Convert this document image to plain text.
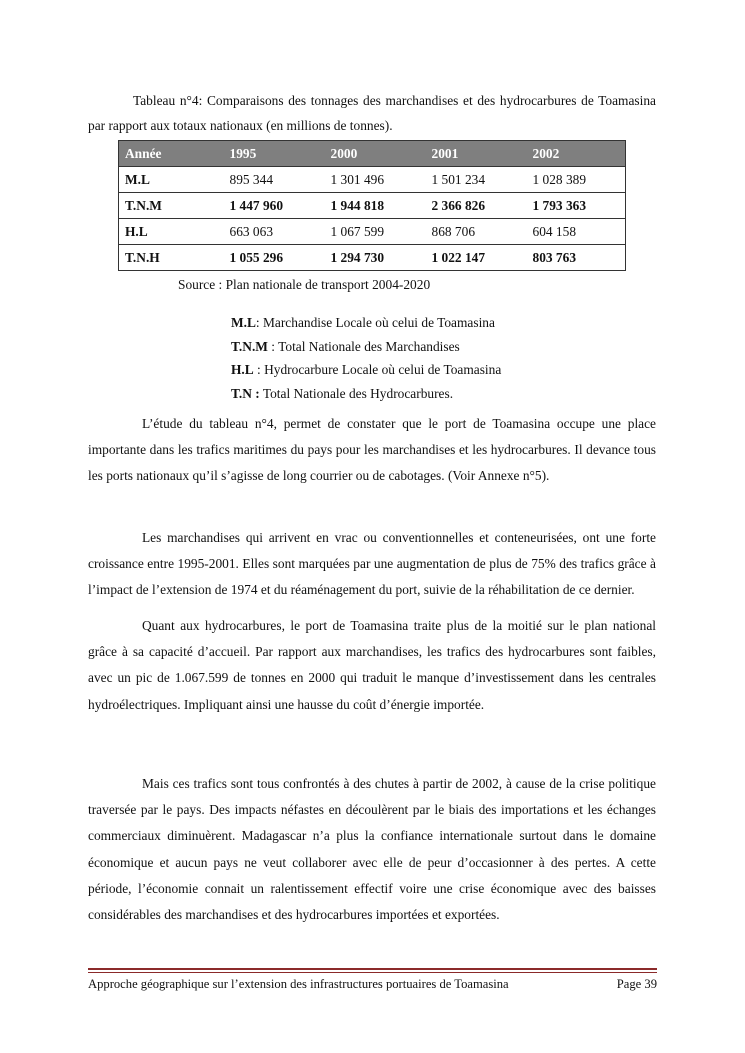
Tableau n°4: Comparaisons des tonnages des marchandises et des hydrocarbures de Toamasina par rapport aux totaux nationaux (en millions de tonnes).

Année	1995	2000	2001	2002
M.L	895 344	1 301 496	1 501 234	1 028 389
T.N.M	1 447 960	1 944 818	2 366 826	1 793 363
H.L	663 063	1 067 599	868 706	604 158
T.N.H	1 055 296	1 294 730	1 022 147	803 763
Source : Plan nationale de transport 2004-2020
M.L: Marchandise Locale où celui de Toamasina
T.N.M : Total Nationale des Marchandises
H.L : Hydrocarbure Locale où celui de Toamasina
T.N : Total Nationale des Hydrocarbures.

L’étude du tableau n°4, permet de constater que le port de Toamasina occupe une place importante dans les trafics maritimes du pays pour les marchandises et les hydrocarbures. Il devance tous les ports nationaux qu’il s’agisse de long courrier ou de cabotages. (Voir Annexe n°5).

Les marchandises qui arrivent en vrac ou conventionnelles et conteneurisées, ont une forte croissance entre 1995-2001. Elles sont marquées par une augmentation de plus de 75% des trafics grâce à l’impact de l’extension de 1974 et du réaménagement du port, suivie de la réhabilitation de ce dernier.

Quant aux hydrocarbures, le port de Toamasina traite plus de la moitié sur le plan national grâce à sa capacité d’accueil. Par rapport aux marchandises, les trafics des hydrocarbures sont faibles, avec un pic de 1.067.599 de tonnes en 2000 qui traduit le manque d’investissement dans les centrales hydroélectriques. Impliquant ainsi une hausse du coût d’énergie importée.

Mais ces trafics sont tous confrontés à des chutes à partir de 2002, à cause de la crise politique traversée par le pays. Des impacts néfastes en découlèrent par le biais des importations et les échanges commerciaux diminuèrent. Madagascar n’a plus la confiance internationale surtout dans le domaine économique et aucun pays ne veut collaborer avec elle de peur d’occasionner à des pertes. A cette période, l’économie connait un ralentissement effectif voire une crise économique avec des baisses considérables des marchandises et des hydrocarbures importées et exportées.

Approche géographique sur l’extension des infrastructures portuaires de Toamasina	Page 39
